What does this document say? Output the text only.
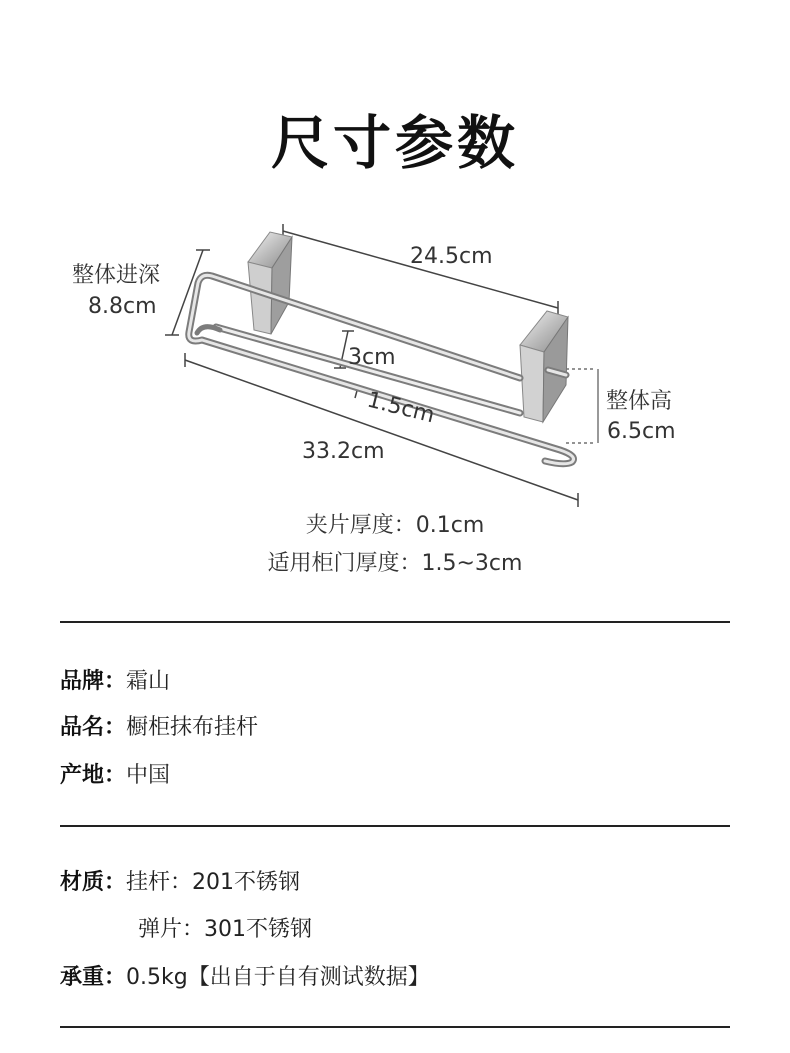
尺寸参数
24.5cm
整体进深
8.8cm
3cm
1.5cm
33.2cm
整体高
6.5cm
夹片厚度：0.1cm
适用柜门厚度：1.5~3cm
品牌：霜山
品名：橱柜抹布挂杆
产地：中国
材质：挂杆：201不锈钢
弹片：301不锈钢
承重：0.5kg【出自于自有测试数据】
